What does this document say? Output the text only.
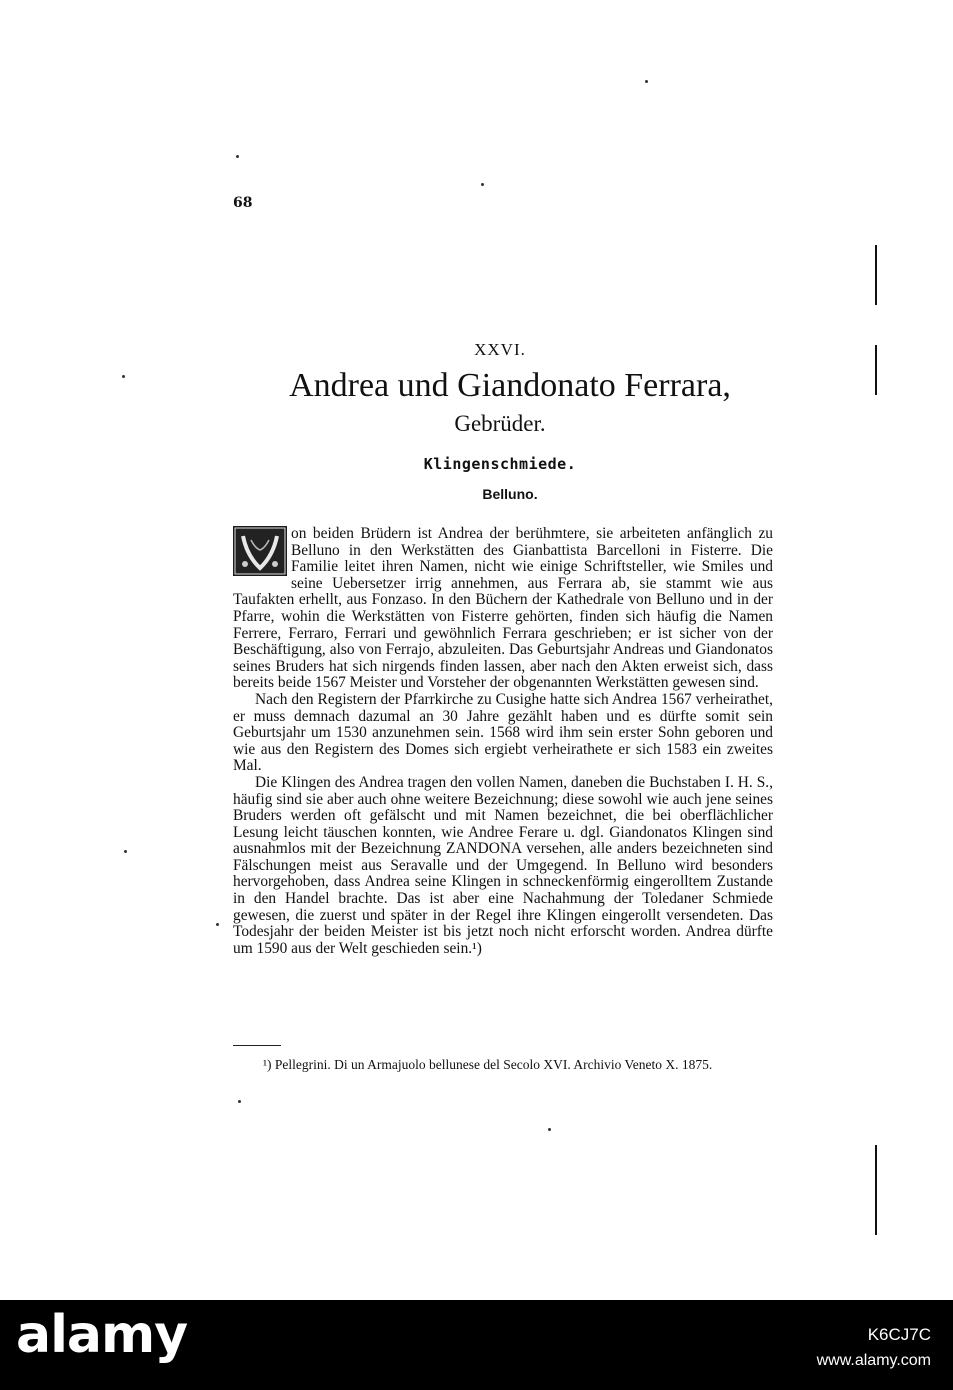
68
XXVI.
Andrea und Giandonato Ferrara,
Gebrüder.
Klingenschmiede.
Belluno.

on beiden Brüdern ist Andrea der berühmtere, sie arbeiteten anfänglich zu Belluno in den Werkstätten des Gianbattista Barcelloni in Fisterre. Die Familie leitet ihren Namen, nicht wie einige Schriftsteller, wie Smiles und seine Uebersetzer irrig annehmen, aus Ferrara ab, sie stammt wie aus Taufakten erhellt, aus Fonzaso. In den Büchern der Kathedrale von Belluno und in der Pfarre, wohin die Werkstätten von Fisterre gehörten, finden sich häufig die Namen Ferrere, Ferraro, Ferrari und gewöhnlich Ferrara geschrieben; er ist sicher von der Beschäftigung, also von Ferrajo, abzuleiten. Das Geburtsjahr Andreas und Giandonatos seines Bruders hat sich nirgends finden lassen, aber nach den Akten erweist sich, dass bereits beide 1567 Meister und Vorsteher der obgenannten Werkstätten gewesen sind.

Nach den Registern der Pfarrkirche zu Cusighe hatte sich Andrea 1567 verheirathet, er muss demnach dazumal an 30 Jahre gezählt haben und es dürfte somit sein Geburtsjahr um 1530 anzunehmen sein. 1568 wird ihm sein erster Sohn geboren und wie aus den Registern des Domes sich ergiebt verheirathete er sich 1583 ein zweites Mal.

Die Klingen des Andrea tragen den vollen Namen, daneben die Buchstaben I. H. S., häufig sind sie aber auch ohne weitere Bezeichnung; diese sowohl wie auch jene seines Bruders werden oft gefälscht und mit Namen bezeichnet, die bei oberflächlicher Lesung leicht täuschen konnten, wie Andree Ferare u. dgl. Giandonatos Klingen sind ausnahmlos mit der Bezeichnung ZANDONA versehen, alle anders bezeichneten sind Fälschungen meist aus Seravalle und der Umgegend. In Belluno wird besonders hervorgehoben, dass Andrea seine Klingen in schneckenförmig eingerolltem Zustande in den Handel brachte. Das ist aber eine Nachahmung der Toledaner Schmiede gewesen, die zuerst und später in der Regel ihre Klingen eingerollt versendeten. Das Todesjahr der beiden Meister ist bis jetzt noch nicht erforscht worden. Andrea dürfte um 1590 aus der Welt geschieden sein.¹)

¹) Pellegrini. Di un Armajuolo bellunese del Secolo XVI. Archivio Veneto X. 1875.
alamy	K6CJ7C
www.alamy.com
